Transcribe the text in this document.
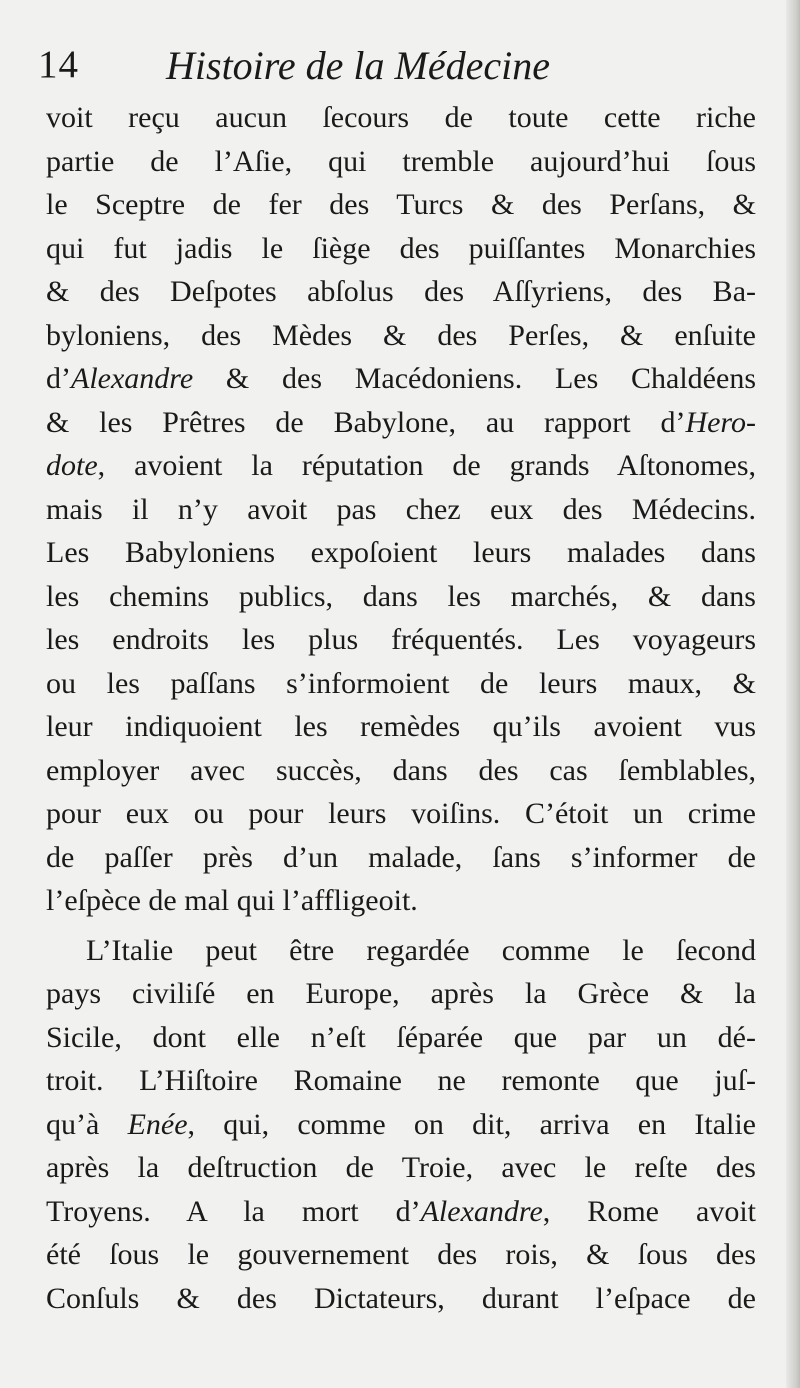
14 Histoire de la Médecine
voit reçu aucun ſecours de toute cette riche
partie de l’Aſie, qui tremble aujourd’hui ſous
le Sceptre de fer des Turcs & des Perſans, &
qui fut jadis le ſiège des puiſſantes Monarchies
& des Deſpotes abſolus des Aſſyriens, des Ba-
byloniens, des Mèdes & des Perſes, & enſuite
d’Alexandre & des Macédoniens. Les Chaldéens
& les Prêtres de Babylone, au rapport d’Hero-
dote, avoient la réputation de grands Aſtonomes,
mais il n’y avoit pas chez eux des Médecins.
Les Babyloniens expoſoient leurs malades dans
les chemins publics, dans les marchés, & dans
les endroits les plus fréquentés. Les voyageurs
ou les paſſans s’informoient de leurs maux, &
leur indiquoient les remèdes qu’ils avoient vus
employer avec succès, dans des cas ſemblables,
pour eux ou pour leurs voiſins. C’étoit un crime
de paſſer près d’un malade, ſans s’informer de
l’eſpèce de mal qui l’affligeoit.
L’Italie peut être regardée comme le ſecond
pays civiliſé en Europe, après la Grèce & la
Sicile, dont elle n’eſt ſéparée que par un dé-
troit. L’Hiſtoire Romaine ne remonte que juſ-
qu’à Enée, qui, comme on dit, arriva en Italie
après la deſtruction de Troie, avec le reſte des
Troyens. A la mort d’Alexandre, Rome avoit
été ſous le gouvernement des rois, & ſous des
Conſuls & des Dictateurs, durant l’eſpace de
